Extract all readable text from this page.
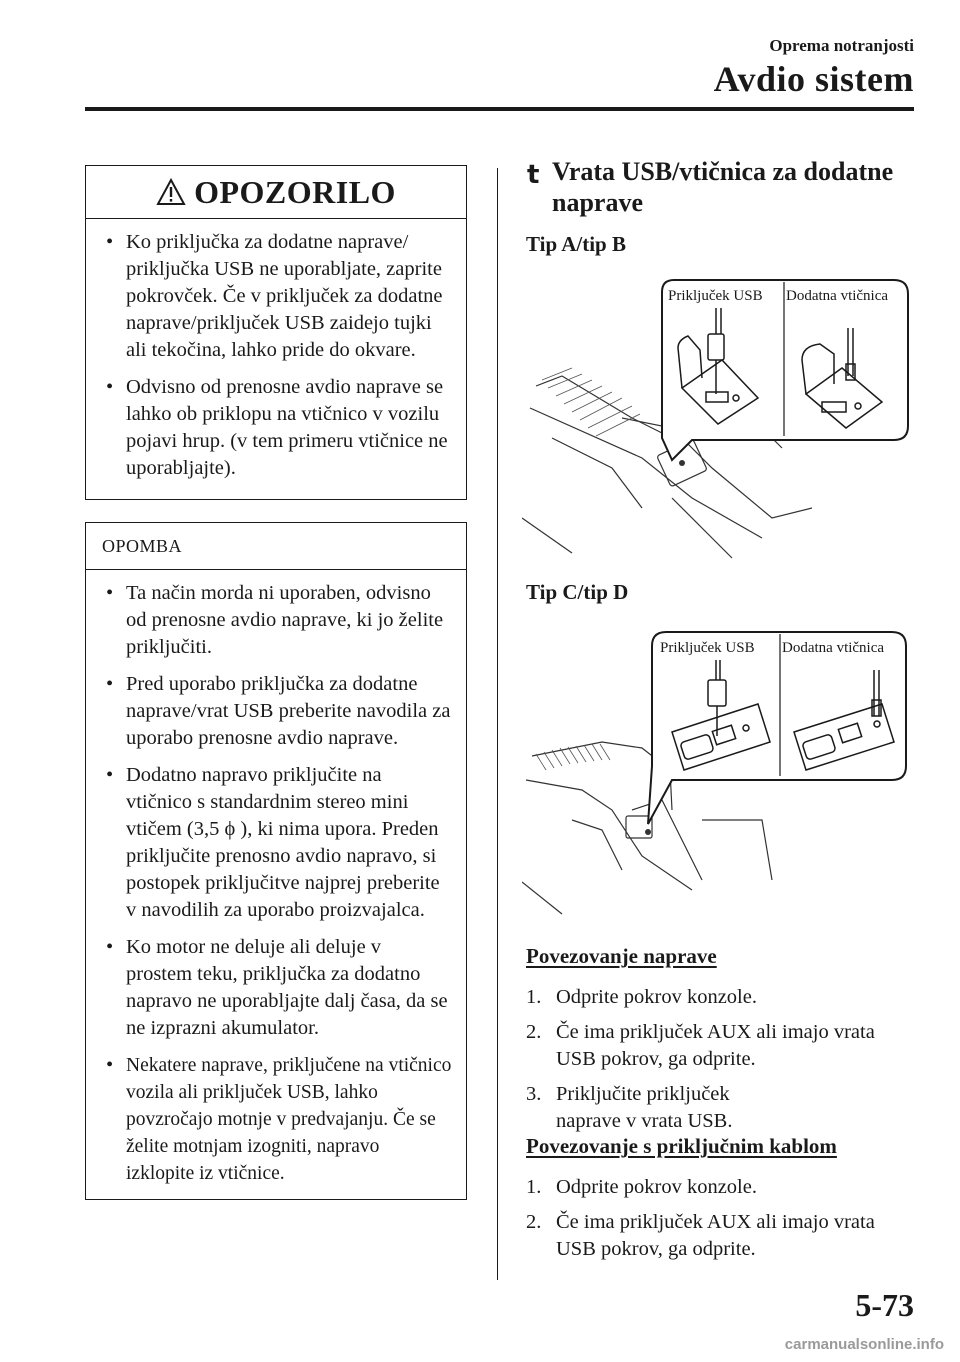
Oprema notranjosti
Avdio sistem
OPOZORILO
• Ko priključka za dodatne naprave/ priključka USB ne uporabljate, zaprite pokrovček. Če v priključek za dodatne naprave/priključek USB zaidejo tujki ali tekočina, lahko pride do okvare.
• Odvisno od prenosne avdio naprave se lahko ob priklopu na vtičnico v vozilu pojavi hrup. (v tem primeru vtičnice ne uporabljajte).
OPOMBA
• Ta način morda ni uporaben, odvisno od prenosne avdio naprave, ki jo želite priključiti.
• Pred uporabo priključka za dodatne naprave/vrat USB preberite navodila za uporabo prenosne avdio naprave.
• Dodatno napravo priključite na vtičnico s standardnim stereo mini vtičem (3,5 ϕ ), ki nima upora. Preden priključite prenosno avdio napravo, si postopek priključitve najprej preberite v navodilih za uporabo proizvajalca.
• Ko motor ne deluje ali deluje v prostem teku, priključka za dodatno napravo ne uporabljajte dalj časa, da se ne izprazni akumulator.
• Nekatere naprave, priključene na vtičnico vozila ali priključek USB, lahko povzročajo motnje v predvajanju. Če se želite motnjam izogniti, napravo izklopite iz vtičnice.
t Vrata USB/vtičnica za dodatne naprave
Tip A/tip B
Priključek USB Dodatna vtičnica
Tip C/tip D
Priključek USB Dodatna vtičnica
Povezovanje naprave
1. Odprite pokrov konzole.
2. Če ima priključek AUX ali imajo vrata USB pokrov, ga odprite.
3. Priključite priključek naprave v vrata USB.
Povezovanje s priključnim kablom
1. Odprite pokrov konzole.
2. Če ima priključek AUX ali imajo vrata USB pokrov, ga odprite.
5-73
carmanualsonline.info
